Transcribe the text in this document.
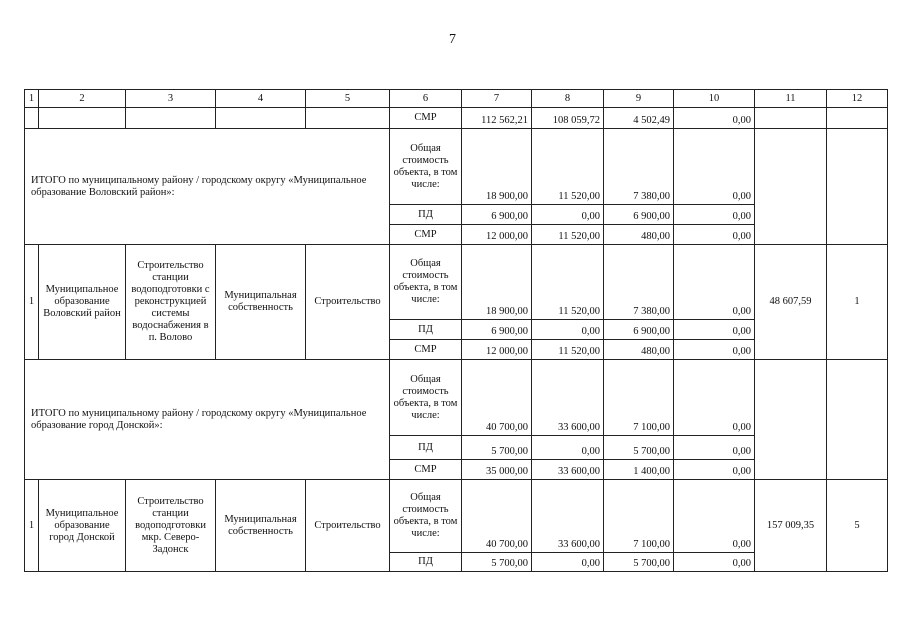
7
1	2	3	4	5	6	7	8	9	10	11	12
					СМР	112 562,21	108 059,72	4 502,49	0,00		
ИТОГО по муниципальному району / городскому округу «Муниципальное образование Воловский район»:					Общая стоимость объекта, в том числе:	18 900,00	11 520,00	7 380,00	0,00		
					ПД	6 900,00	0,00	6 900,00	0,00		
					СМР	12 000,00	11 520,00	480,00	0,00		
1	Муниципальное образование Воловский район	Строительство станции водоподготовки с реконструкцией системы водоснабжения в п. Волово	Муниципальная собственность	Строительство	Общая стоимость объекта, в том числе:	18 900,00	11 520,00	7 380,00	0,00	48 607,59	1
					ПД	6 900,00	0,00	6 900,00	0,00		
					СМР	12 000,00	11 520,00	480,00	0,00		
ИТОГО по муниципальному району / городскому округу «Муниципальное образование город Донской»:					Общая стоимость объекта, в том числе:	40 700,00	33 600,00	7 100,00	0,00		
					ПД	5 700,00	0,00	5 700,00	0,00		
					СМР	35 000,00	33 600,00	1 400,00	0,00		
1	Муниципальное образование город Донской	Строительство станции водоподготовки мкр. Северо-Задонск	Муниципальная собственность	Строительство	Общая стоимость объекта, в том числе:	40 700,00	33 600,00	7 100,00	0,00	157 009,35	5
					ПД	5 700,00	0,00	5 700,00	0,00		
